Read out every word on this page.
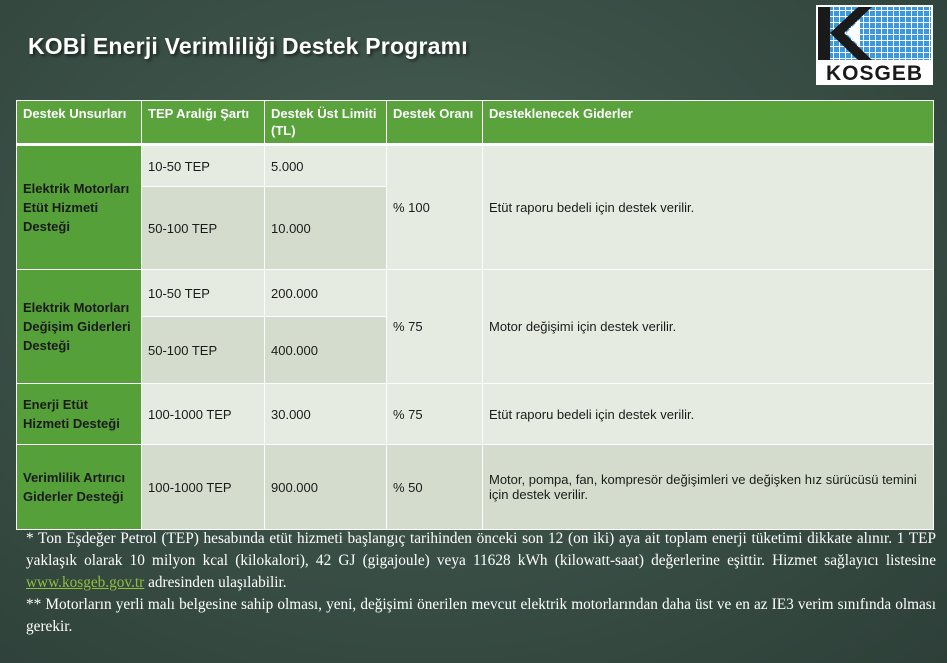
KOBİ Enerji Verimliliği Destek Programı
KOSGEB
Destek Unsurları	TEP Aralığı Şartı	Destek Üst Limiti (TL)	Destek Oranı	Desteklenecek Giderler
Elektrik Motorları Etüt Hizmeti Desteği	10-50 TEP	5.000	% 100	Etüt raporu bedeli için destek verilir.
	50-100 TEP	10.000		
Elektrik Motorları Değişim Giderleri Desteği	10-50 TEP	200.000	% 75	Motor değişimi için destek verilir.
	50-100 TEP	400.000		
Enerji Etüt Hizmeti Desteği	100-1000 TEP	30.000	% 75	Etüt raporu bedeli için destek verilir.
Verimlilik Artırıcı Giderler Desteği	100-1000 TEP	900.000	% 50	Motor, pompa, fan, kompresör değişimleri ve değişken hız sürücüsü temini için destek verilir.

* Ton Eşdeğer Petrol (TEP) hesabında etüt hizmeti başlangıç tarihinden önceki son 12 (on iki) aya ait toplam enerji tüketimi dikkate alınır. 1 TEP yaklaşık olarak 10 milyon kcal (kilokalori), 42 GJ (gigajoule) veya 11628 kWh (kilowatt-saat) değerlerine eşittir. Hizmet sağlayıcı listesine www.kosgeb.gov.tr adresinden ulaşılabilir.

** Motorların yerli malı belgesine sahip olması, yeni, değişimi önerilen mevcut elektrik motorlarından daha üst ve en az IE3 verim sınıfında olması gerekir.
